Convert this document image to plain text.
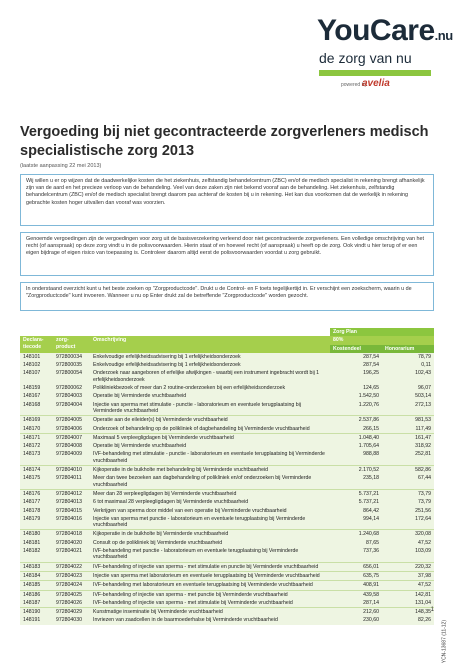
YouCare.nu
de zorg van nu
powered by
avelia
Vergoeding bij niet gecontracteerde zorgverleners medisch specialistische zorg 2013
(laatste aanpassing 22 mei 2013)
Wij willen u er op wijzen dat de daadwerkelijke kosten die het ziekenhuis, zelfstandig behandelcentrum (ZBC) en/of de medisch specialist in rekening brengt afhankelijk zijn van de aard en het precieze verloop van de behandeling. Veel van deze zaken zijn niet bekend vooraf aan de behandeling. Het ziekenhuis, zelfstandig behandelcentrum (ZBC) en/of de medisch specialist brengt daarom pas achteraf de kosten bij u in rekening. Het kan dus voorkomen dat de werkelijk in rekening gebrachte kosten hoger uitvallen dan vooraf was voorzien.
Genoemde vergoedingen zijn de vergoedingen voor zorg uit de basisverzekering verleend door niet gecontracteerde zorgverleners. Een volledige omschrijving van het recht (of aanspraak) op deze zorg vindt u in de polisvoorwaarden. Hierin staat of en hoeveel recht (of aanspraak) u heeft op de zorg. Ook vindt u hier terug of er een eigen bijdrage of eigen risico van toepassing is. Controleer daarom altijd eerst de polisvoorwaarden voordat u zorg gebruikt.
In onderstaand overzicht kunt u het beste zoeken op "Zorgproductcode". Drukt u de Control- en F toets tegelijkertijd in. Er verschijnt een zoekscherm, waarin u de "Zorgproductcode" kunt invoeren. Wanneer u nu op Enter drukt zal de betreffende "Zorgproductcode" worden gezocht.
			Zorg Plan	
Declara-tiecode	zorg-product	Omschrijving	80%	
			Kostendeel	Honorarium
148101	972800034	Enkelvoudige erfelijkheidsadvisering bij 1 erfelijkheidsonderzoek	287,54	78,79
148102	972800035	Enkelvoudige erfelijkheidsadvisering bij 1 erfelijkheidsonderzoek	287,54	0,11
148107	972800054	Onderzoek naar aangeboren of erfelijke afwijkingen - waarbij een instrument ingebracht wordt bij 1 erfelijkheidsonderzoek	196,25	102,43
148159	972800062	Polikliniekbezoek of meer dan 2 routine-onderzoeken bij een erfelijkheidsonderzoek	124,65	96,07
148167	972804003	Operatie bij Verminderde vruchtbaarheid	1.542,50	503,14
148168	972804004	Injectie van sperma met stimulatie - punctie - laboratorieum en eventuele terugplaatsing bij Verminderde vruchtbaarheid	1.220,76	272,13
148169	972804005	Operatie aan de eileider(s) bij Verminderde vruchtbaarheid	2.537,86	981,53
148170	972804006	Onderzoek of behandeling op de polikliniek of dagbehandeling bij Verminderde vruchtbaarheid	266,15	117,49
148171	972804007	Maximaal 5 verpleegligdagen bij Verminderde vruchtbaarheid	1.048,40	161,47
148172	972804008	Operatie bij Verminderde vruchtbaarheid	1.705,64	318,92
148173	972804009	IVF-behandeling met stimulatie - punctie - laboratorieum en eventuele terugplaatsing bij Verminderde vruchtbaarheid	988,88	252,81
148174	972804010	Kijkoperatie in de buikholte met behandeling bij Verminderde vruchtbaarheid	2.170,52	582,86
148175	972804011	Meer dan twee bezoeken aan dagbehandeling of polikliniek en/of onderzoeken bij Verminderde vruchtbaarheid	235,18	67,44
148176	972804012	Meer dan 28 verpleegligdagen bij Verminderde vruchtbaarheid	5.737,21	73,79
148177	972804013	6 tot maximaal 28 verpleegligdagen bij Verminderde vruchtbaarheid	5.737,21	73,79
148178	972804015	Verkrijgen van sperma door middel van een operatie bij Verminderde vruchtbaarheid	864,42	251,56
148179	972804016	Injectie van sperma met punctie - laboratorieum en eventuele terugplaatsing bij Verminderde vruchtbaarheid	994,14	172,64
148180	972804018	Kijkoperatie in de buikholte bij Verminderde vruchtbaarheid	1.240,68	320,08
148181	972804020	Consult op de polikliniek bij Verminderde vruchtbaarheid	87,65	47,52
148182	972804021	IVF-behandeling met punctie - laboratorieum en eventuele terugplaatsing bij Verminderde vruchtbaarheid	737,36	103,09
148183	972804022	IVF-behandeling of injectie van sperma - met stimulatie en punctie bij Verminderde vruchtbaarheid	656,01	220,32
148184	972804023	Injectie van sperma met laboratorieum en eventuele terugplaatsing bij Verminderde vruchtbaarheid	635,75	37,98
148185	972804024	IVF-behandeling met laboratorieum en eventuele terugplaatsing bij Verminderde vruchtbaarheid	408,91	47,52
148186	972804025	IVF-behandeling of injectie van sperma - met punctie bij Verminderde vruchtbaarheid	439,58	142,81
148187	972804026	IVF-behandeling of injectie van sperma - met stimulatie bij Verminderde vruchtbaarheid	287,14	131,04
148190	972804029	Kunstmatige inseminatie bij Verminderde vruchtbaarheid	212,60	148,35
148191	972804030	Invriezen van zaadcellen in de baarmoederhalse bij Verminderde vruchtbaarheid	230,60	82,26
1
YCN-13687 (11-12)
